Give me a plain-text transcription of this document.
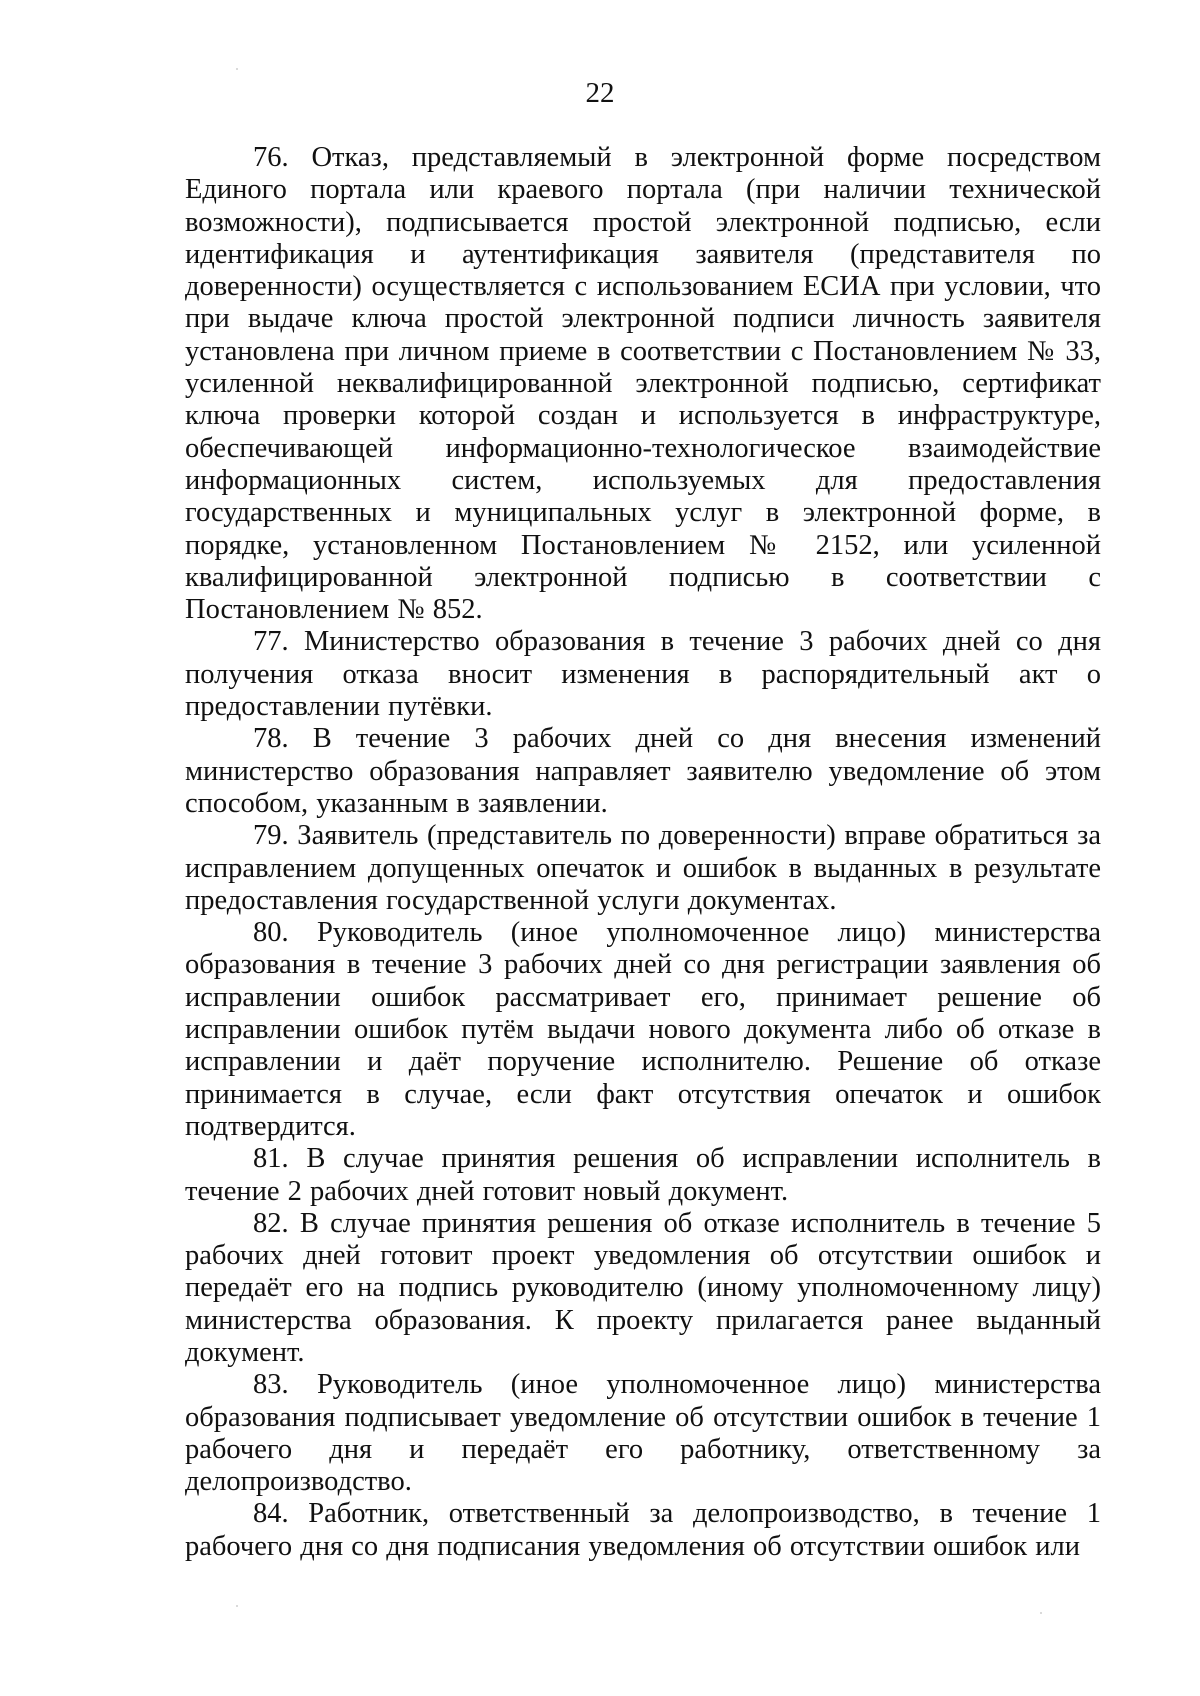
22

76. Отказ, представляемый в электронной форме посредством Единого портала или краевого портала (при наличии технической возможности), подписывается простой электронной подписью, если идентификация и аутентификация заявителя (представителя по доверенности) осуществляется с использованием ЕСИА при условии, что при выдаче ключа простой электронной подписи личность заявителя установлена при личном приеме в соответствии с Постановлением № 33, усиленной неквалифицированной электронной подписью, сертификат ключа проверки которой создан и используется в инфраструктуре, обеспечивающей информационно-технологическое взаимодействие информационных систем, используемых для предоставления государственных и муниципальных услуг в электронной форме, в порядке, установленном Постановлением № 2152, или усиленной квалифицированной электронной подписью в соответствии с Постановлением № 852.

77. Министерство образования в течение 3 рабочих дней со дня получения отказа вносит изменения в распорядительный акт о предоставлении путёвки.

78. В течение 3 рабочих дней со дня внесения изменений министерство образования направляет заявителю уведомление об этом способом, указанным в заявлении.

79. Заявитель (представитель по доверенности) вправе обратиться за исправлением допущенных опечаток и ошибок в выданных в результате предоставления государственной услуги документах.

80. Руководитель (иное уполномоченное лицо) министерства образования в течение 3 рабочих дней со дня регистрации заявления об исправлении ошибок рассматривает его, принимает решение об исправлении ошибок путём выдачи нового документа либо об отказе в исправлении и даёт поручение исполнителю. Решение об отказе принимается в случае, если факт отсутствия опечаток и ошибок подтвердится.

81. В случае принятия решения об исправлении исполнитель в течение 2 рабочих дней готовит новый документ.

82. В случае принятия решения об отказе исполнитель в течение 5 рабочих дней готовит проект уведомления об отсутствии ошибок и передаёт его на подпись руководителю (иному уполномоченному лицу) министерства образования. К проекту прилагается ранее выданный документ.

83. Руководитель (иное уполномоченное лицо) министерства образования подписывает уведомление об отсутствии ошибок в течение 1 рабочего дня и передаёт его работнику, ответственному за делопроизводство.

84. Работник, ответственный за делопроизводство, в течение 1 рабочего дня со дня подписания уведомления об отсутствии ошибок или
